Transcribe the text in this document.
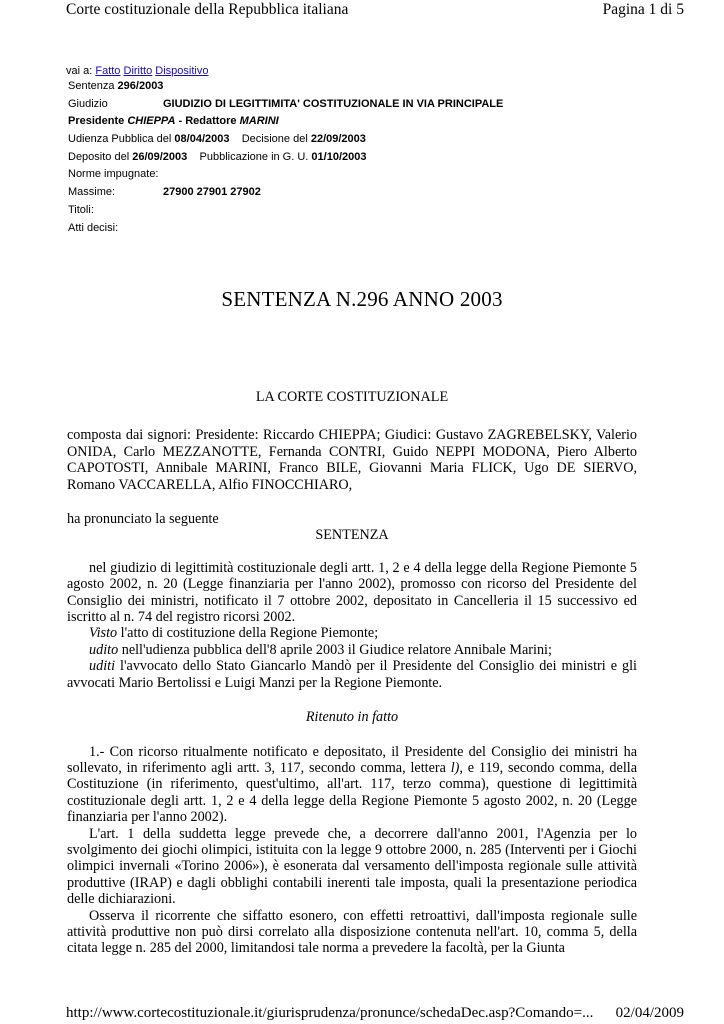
Corte costituzionale della Repubblica italiana	Pagina 1 di 5
vai a: Fatto Diritto Dispositivo
Sentenza 296/2003
Giudizio	GIUDIZIO DI LEGITTIMITA' COSTITUZIONALE IN VIA PRINCIPALE
Presidente CHIEPPA - Redattore MARINI
Udienza Pubblica del 08/04/2003 Decisione del 22/09/2003
Deposito del 26/09/2003 Pubblicazione in G. U. 01/10/2003
Norme impugnate:
Massime:	27900 27901 27902
Titoli:
Atti decisi:
SENTENZA N.296 ANNO 2003

LA CORTE COSTITUZIONALE

composta dai signori: Presidente: Riccardo CHIEPPA; Giudici: Gustavo ZAGREBELSKY, Valerio ONIDA, Carlo MEZZANOTTE, Fernanda CONTRI, Guido NEPPI MODONA, Piero Alberto CAPOTOSTI, Annibale MARINI, Franco BILE, Giovanni Maria FLICK, Ugo DE SIERVO, Romano VACCARELLA, Alfio FINOCCHIARO,

ha pronunciato la seguente

SENTENZA

nel giudizio di legittimità costituzionale degli artt. 1, 2 e 4 della legge della Regione Piemonte 5 agosto 2002, n. 20 (Legge finanziaria per l'anno 2002), promosso con ricorso del Presidente del Consiglio dei ministri, notificato il 7 ottobre 2002, depositato in Cancelleria il 15 successivo ed iscritto al n. 74 del registro ricorsi 2002.

Visto l'atto di costituzione della Regione Piemonte;

udito nell'udienza pubblica dell'8 aprile 2003 il Giudice relatore Annibale Marini;

uditi l'avvocato dello Stato Giancarlo Mandò per il Presidente del Consiglio dei ministri e gli avvocati Mario Bertolissi e Luigi Manzi per la Regione Piemonte.

Ritenuto in fatto

1.- Con ricorso ritualmente notificato e depositato, il Presidente del Consiglio dei ministri ha sollevato, in riferimento agli artt. 3, 117, secondo comma, lettera l), e 119, secondo comma, della Costituzione (in riferimento, quest'ultimo, all'art. 117, terzo comma), questione di legittimità costituzionale degli artt. 1, 2 e 4 della legge della Regione Piemonte 5 agosto 2002, n. 20 (Legge finanziaria per l'anno 2002).

L'art. 1 della suddetta legge prevede che, a decorrere dall'anno 2001, l'Agenzia per lo svolgimento dei giochi olimpici, istituita con la legge 9 ottobre 2000, n. 285 (Interventi per i Giochi olimpici invernali «Torino 2006»), è esonerata dal versamento dell'imposta regionale sulle attività produttive (IRAP) e dagli obblighi contabili inerenti tale imposta, quali la presentazione periodica delle dichiarazioni.

Osserva il ricorrente che siffatto esonero, con effetti retroattivi, dall'imposta regionale sulle attività produttive non può dirsi correlato alla disposizione contenuta nell'art. 10, comma 5, della citata legge n. 285 del 2000, limitandosi tale norma a prevedere la facoltà, per la Giunta

http://www.cortecostituzionale.it/giurisprudenza/pronunce/schedaDec.asp?Comando=... 02/04/2009
